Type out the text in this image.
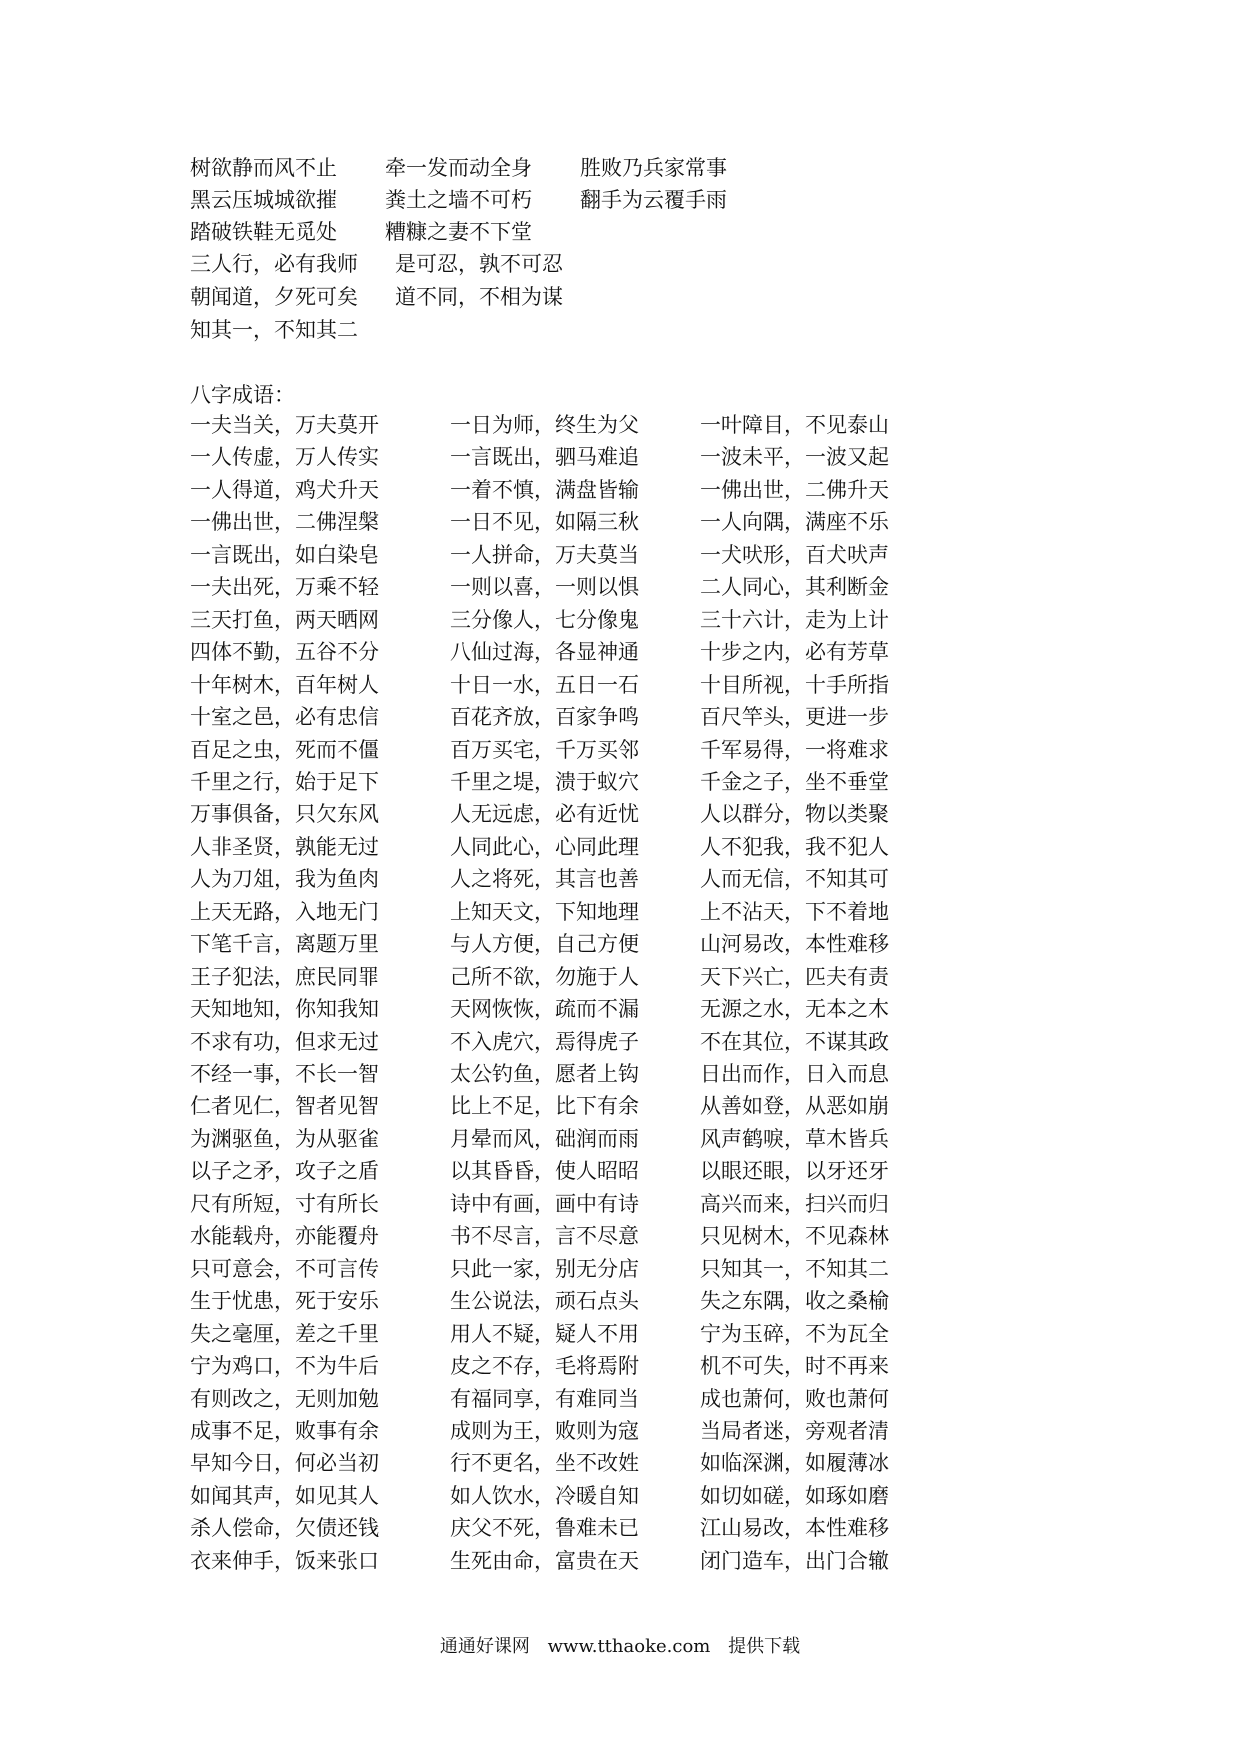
树欲静而风不止 牵一发而动全身 胜败乃兵家常事
黑云压城城欲摧 粪土之墙不可朽 翻手为云覆手雨
踏破铁鞋无觅处 糟糠之妻不下堂
三人行，必有我师 是可忍，孰不可忍
朝闻道，夕死可矣 道不同，不相为谋
知其一，不知其二
八字成语：
一夫当关，万夫莫开	一日为师，终生为父	一叶障目，不见泰山
一人传虚，万人传实	一言既出，驷马难追	一波未平，一波又起
一人得道，鸡犬升天	一着不慎，满盘皆输	一佛出世，二佛升天
一佛出世，二佛涅槃	一日不见，如隔三秋	一人向隅，满座不乐
一言既出，如白染皂	一人拼命，万夫莫当	一犬吠形，百犬吠声
一夫出死，万乘不轻	一则以喜，一则以惧	二人同心，其利断金
三天打鱼，两天晒网	三分像人，七分像鬼	三十六计，走为上计
四体不勤，五谷不分	八仙过海，各显神通	十步之内，必有芳草
十年树木，百年树人	十日一水，五日一石	十目所视，十手所指
十室之邑，必有忠信	百花齐放，百家争鸣	百尺竿头，更进一步
百足之虫，死而不僵	百万买宅，千万买邻	千军易得，一将难求
千里之行，始于足下	千里之堤，溃于蚁穴	千金之子，坐不垂堂
万事俱备，只欠东风	人无远虑，必有近忧	人以群分，物以类聚
人非圣贤，孰能无过	人同此心，心同此理	人不犯我，我不犯人
人为刀俎，我为鱼肉	人之将死，其言也善	人而无信，不知其可
上天无路，入地无门	上知天文，下知地理	上不沾天，下不着地
下笔千言，离题万里	与人方便，自己方便	山河易改，本性难移
王子犯法，庶民同罪	己所不欲，勿施于人	天下兴亡，匹夫有责
天知地知，你知我知	天网恢恢，疏而不漏	无源之水，无本之木
不求有功，但求无过	不入虎穴，焉得虎子	不在其位，不谋其政
不经一事，不长一智	太公钓鱼，愿者上钩	日出而作，日入而息
仁者见仁，智者见智	比上不足，比下有余	从善如登，从恶如崩
为渊驱鱼，为从驱雀	月晕而风，础润而雨	风声鹤唳，草木皆兵
以子之矛，攻子之盾	以其昏昏，使人昭昭	以眼还眼，以牙还牙
尺有所短，寸有所长	诗中有画，画中有诗	高兴而来，扫兴而归
水能载舟，亦能覆舟	书不尽言，言不尽意	只见树木，不见森林
只可意会，不可言传	只此一家，别无分店	只知其一，不知其二
生于忧患，死于安乐	生公说法，顽石点头	失之东隅，收之桑榆
失之毫厘，差之千里	用人不疑，疑人不用	宁为玉碎，不为瓦全
宁为鸡口，不为牛后	皮之不存，毛将焉附	机不可失，时不再来
有则改之，无则加勉	有福同享，有难同当	成也萧何，败也萧何
成事不足，败事有余	成则为王，败则为寇	当局者迷，旁观者清
早知今日，何必当初	行不更名，坐不改姓	如临深渊，如履薄冰
如闻其声，如见其人	如人饮水，冷暖自知	如切如磋，如琢如磨
杀人偿命，欠债还钱	庆父不死，鲁难未已	江山易改，本性难移
衣来伸手，饭来张口	生死由命，富贵在天	闭门造车，出门合辙
通通好课网 www.tthaoke.com 提供下载
